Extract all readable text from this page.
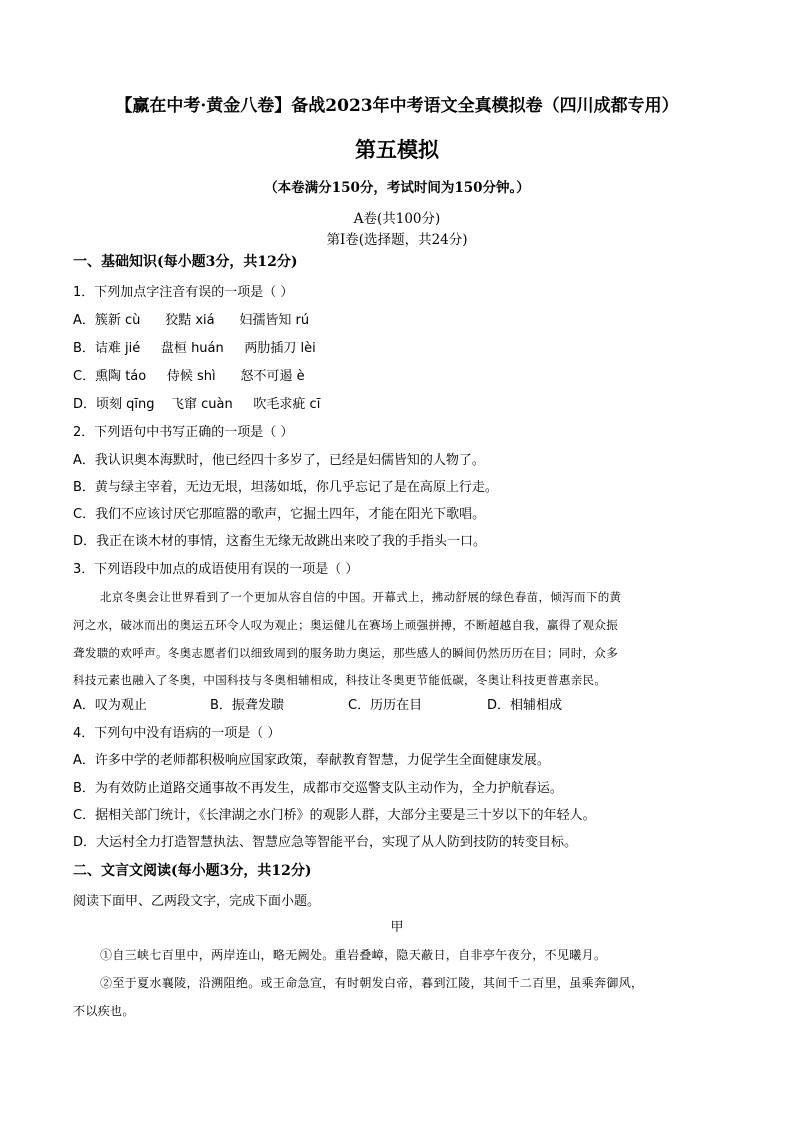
【赢在中考·黄金八卷】备战2023年中考语文全真模拟卷（四川成都专用）
第五模拟
（本卷满分150分，考试时间为150分钟。）
A卷(共100分)
第Ⅰ卷(选择题，共24分)
一、基础知识(每小题3分，共12分)
1．下列加点字注音有误的一项是（ ）
A．簇新 cù      狡黠 xiá      妇孺皆知 rú
B．诘难 jié     盘桓 huán     两肋插刀 lèi
C．熏陶 táo     侍候 shì      怒不可遏 è
D．顷刻 qīng    飞窜 cuàn     吹毛求疵 cī
2．下列语句中书写正确的一项是（ ）
A．我认识奥本海默时，他已经四十多岁了，已经是妇儒皆知的人物了。
B．黄与绿主宰着，无边无垠，坦荡如坻，你几乎忘记了是在高原上行走。
C．我们不应该讨厌它那暄嚣的歌声，它掘土四年，才能在阳光下歌唱。
D．我正在谈木材的事情，这畜生无缘无故跳出来咬了我的手指头一口。
3．下列语段中加点的成语使用有误的一项是（ ）
北京冬奥会让世界看到了一个更加从容自信的中国。开幕式上，拂动舒展的绿色春苗，倾泻而下的黄
河之水，破冰而出的奥运五环令人叹为观止；奥运健儿在赛场上顽强拼搏，不断超越自我，赢得了观众振
聋发聩的欢呼声。冬奥志愿者们以细致周到的服务助力奥运，那些感人的瞬间仍然历历在目；同时，众多
科技元素也融入了冬奥，中国科技与冬奥相辅相成，科技让冬奥更节能低碳，冬奥让科技更普惠亲民。
A．叹为观止	B．振聋发聩	C．历历在目	D．相辅相成
4．下列句中没有语病的一项是（ ）
A．许多中学的老师都积极响应国家政策，奉献教育智慧，力促学生全面健康发展。
B．为有效防止道路交通事故不再发生，成都市交巡警支队主动作为，全力护航春运。
C．据相关部门统计，《长津湖之水门桥》的观影人群，大部分主要是三十岁以下的年轻人。
D．大运村全力打造智慧执法、智慧应急等智能平台，实现了从人防到技防的转变目标。
二、文言文阅读(每小题3分，共12分)
阅读下面甲、乙两段文字，完成下面小题。
甲
①自三峡七百里中，两岸连山，略无阙处。重岩叠嶂，隐天蔽日，自非亭午夜分，不见曦月。
②至于夏水襄陵，沿溯阻绝。或王命急宣，有时朝发白帝，暮到江陵，其间千二百里，虽乘奔御风，
不以疾也。
